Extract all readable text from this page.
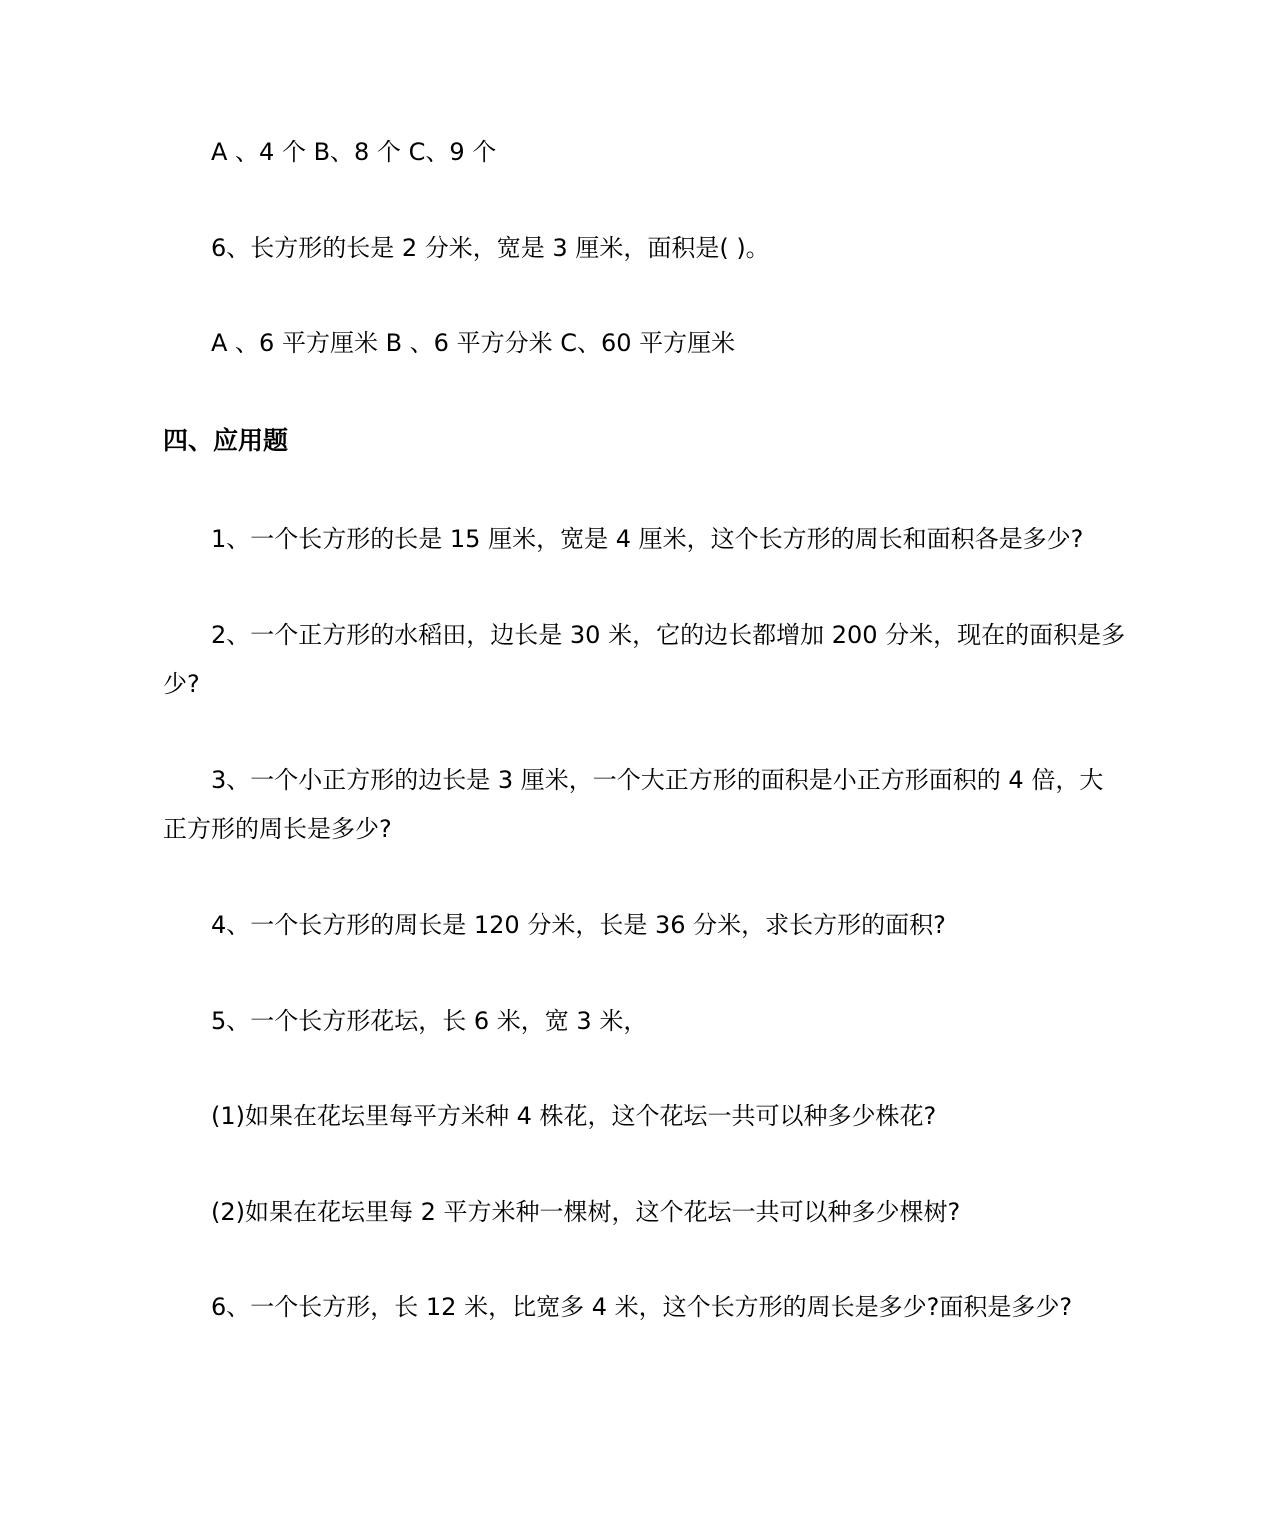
A 、4 个 B、8 个 C、9 个

6、长方形的长是 2 分米，宽是 3 厘米，面积是( )。

A 、6 平方厘米 B 、6 平方分米 C、60 平方厘米

四、应用题

1、一个长方形的长是 15 厘米，宽是 4 厘米，这个长方形的周长和面积各是多少?

2、一个正方形的水稻田，边长是 30 米，它的边长都增加 200 分米，现在的面积是多

少?

3、一个小正方形的边长是 3 厘米，一个大正方形的面积是小正方形面积的 4 倍，大

正方形的周长是多少?

4、一个长方形的周长是 120 分米，长是 36 分米，求长方形的面积?

5、一个长方形花坛，长 6 米，宽 3 米，

(1)如果在花坛里每平方米种 4 株花，这个花坛一共可以种多少株花?

(2)如果在花坛里每 2 平方米种一棵树，这个花坛一共可以种多少棵树?

6、一个长方形，长 12 米，比宽多 4 米，这个长方形的周长是多少?面积是多少?
